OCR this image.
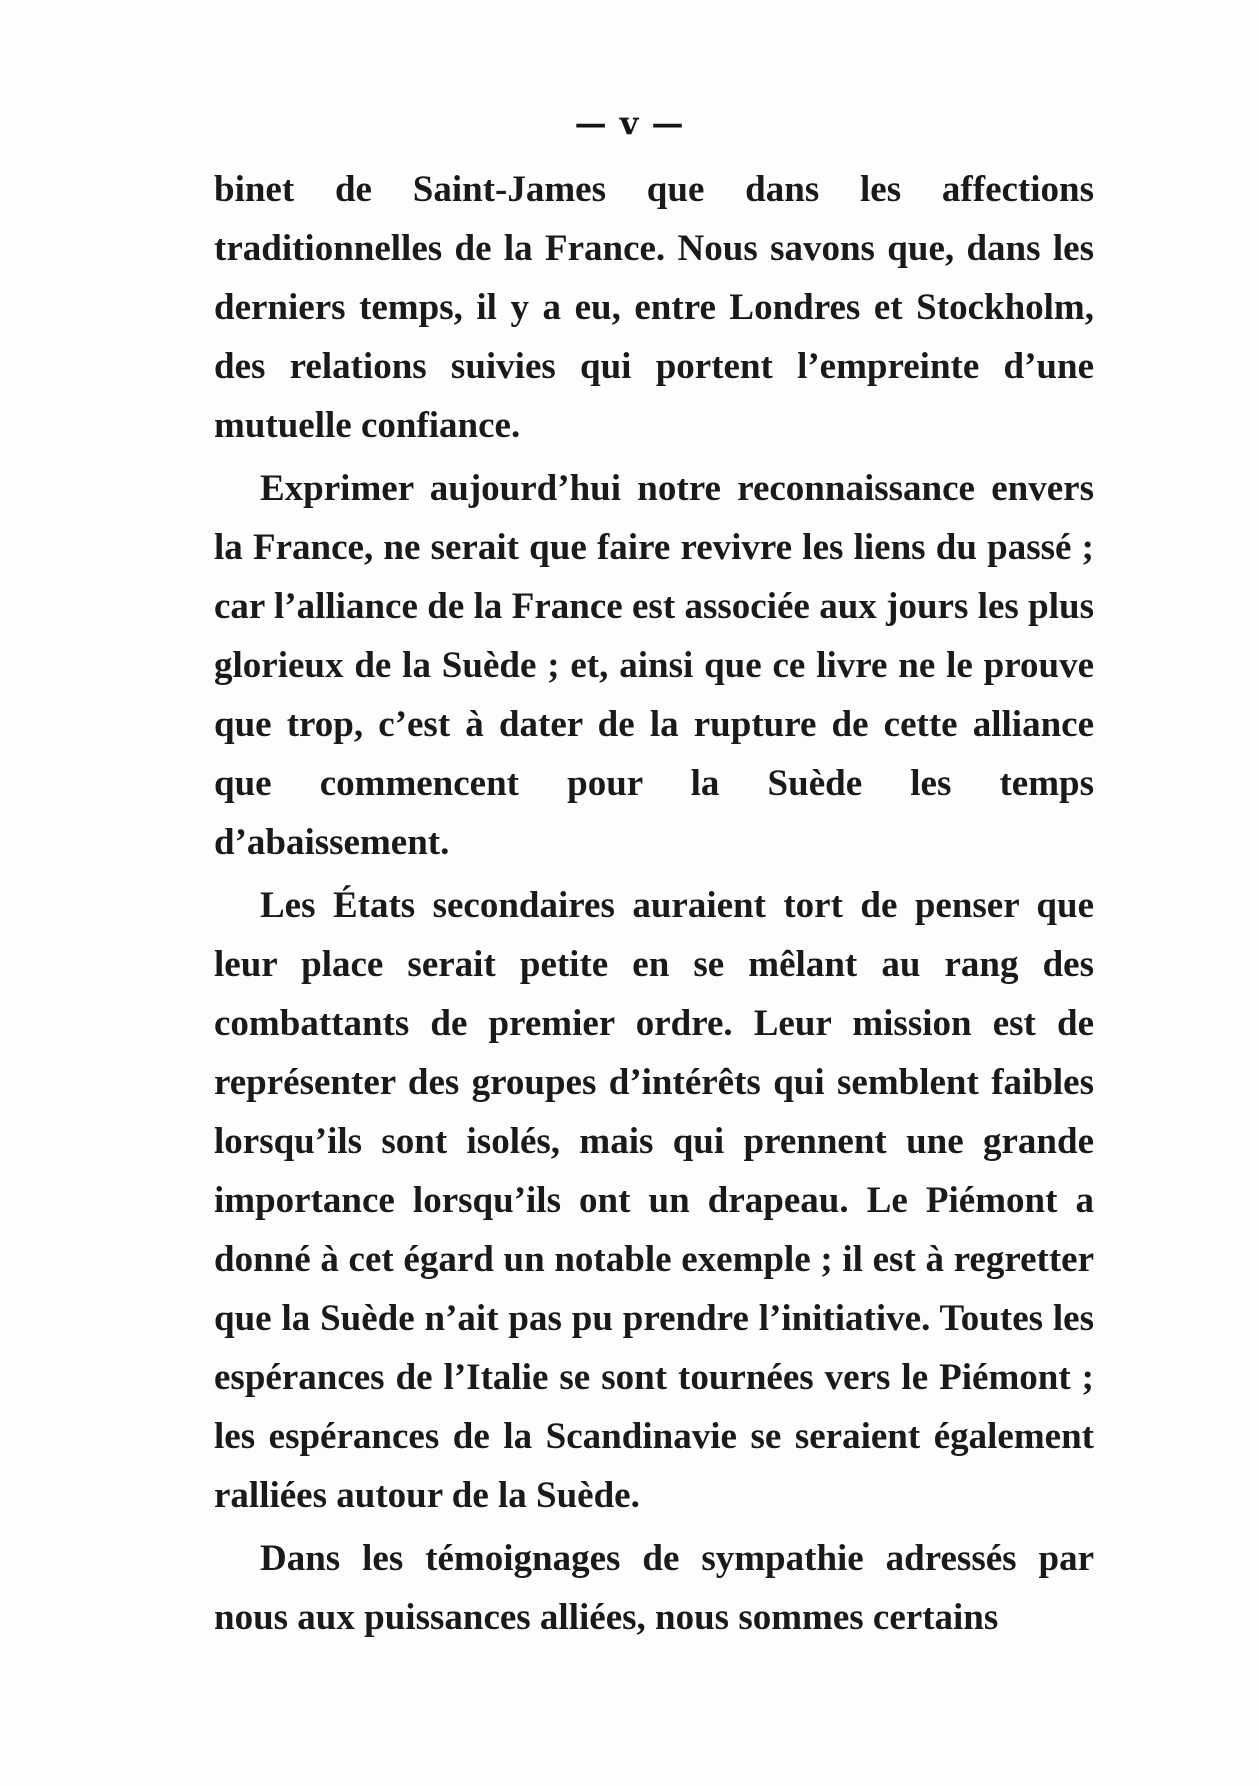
— v —

binet de Saint-James que dans les affections traditionnelles de la France. Nous savons que, dans les derniers temps, il y a eu, entre Londres et Stockholm, des relations suivies qui portent l’empreinte d’une mutuelle confiance.

Exprimer aujourd’hui notre reconnaissance envers la France, ne serait que faire revivre les liens du passé ; car l’alliance de la France est associée aux jours les plus glorieux de la Suède ; et, ainsi que ce livre ne le prouve que trop, c’est à dater de la rupture de cette alliance que commencent pour la Suède les temps d’abaissement.

Les États secondaires auraient tort de penser que leur place serait petite en se mêlant au rang des combattants de premier ordre. Leur mission est de représenter des groupes d’intérêts qui semblent faibles lorsqu’ils sont isolés, mais qui prennent une grande importance lorsqu’ils ont un drapeau. Le Piémont a donné à cet égard un notable exemple ; il est à regretter que la Suède n’ait pas pu prendre l’initiative. Toutes les espérances de l’Italie se sont tournées vers le Piémont ; les espérances de la Scandinavie se seraient également ralliées autour de la Suède.

Dans les témoignages de sympathie adressés par nous aux puissances alliées, nous sommes certains
